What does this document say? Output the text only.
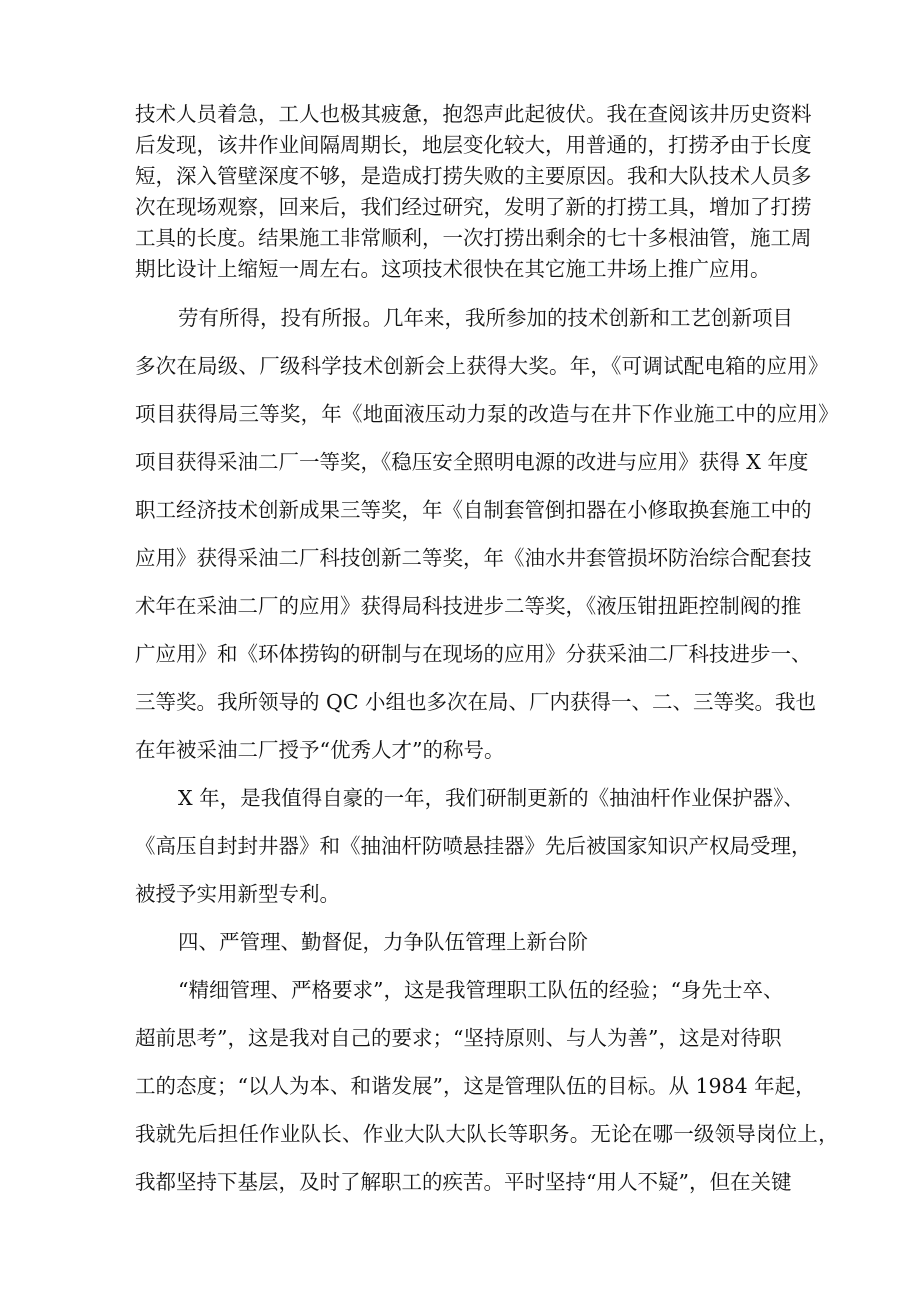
技术人员着急，工人也极其疲惫，抱怨声此起彼伏。我在查阅该井历史资料

后发现，该井作业间隔周期长，地层变化较大，用普通的，打捞矛由于长度

短，深入管壁深度不够，是造成打捞失败的主要原因。我和大队技术人员多

次在现场观察，回来后，我们经过研究，发明了新的打捞工具，增加了打捞

工具的长度。结果施工非常顺利，一次打捞出剩余的七十多根油管，施工周

期比设计上缩短一周左右。这项技术很快在其它施工井场上推广应用。

劳有所得，投有所报。几年来，我所参加的技术创新和工艺创新项目

多次在局级、厂级科学技术创新会上获得大奖。年，《可调试配电箱的应用》

项目获得局三等奖，年《地面液压动力泵的改造与在井下作业施工中的应用》

项目获得采油二厂一等奖，《稳压安全照明电源的改进与应用》获得 X 年度

职工经济技术创新成果三等奖，年《自制套管倒扣器在小修取换套施工中的

应用》获得采油二厂科技创新二等奖，年《油水井套管损坏防治综合配套技

术年在采油二厂的应用》获得局科技进步二等奖，《液压钳扭距控制阀的推

广应用》和《环体捞钩的研制与在现场的应用》分获采油二厂科技进步一、

三等奖。我所领导的 QC 小组也多次在局、厂内获得一、二、三等奖。我也

在年被采油二厂授予“优秀人才”的称号。

X 年，是我值得自豪的一年，我们研制更新的《抽油杆作业保护器》、

《高压自封封井器》和《抽油杆防喷悬挂器》先后被国家知识产权局受理，

被授予实用新型专利。

四、严管理、勤督促，力争队伍管理上新台阶

“精细管理、严格要求”，这是我管理职工队伍的经验；“身先士卒、

超前思考”，这是我对自己的要求；“坚持原则、与人为善”，这是对待职

工的态度；“以人为本、和谐发展”，这是管理队伍的目标。从 1984 年起，

我就先后担任作业队长、作业大队大队长等职务。无论在哪一级领导岗位上，

我都坚持下基层，及时了解职工的疾苦。平时坚持“用人不疑”，但在关键
